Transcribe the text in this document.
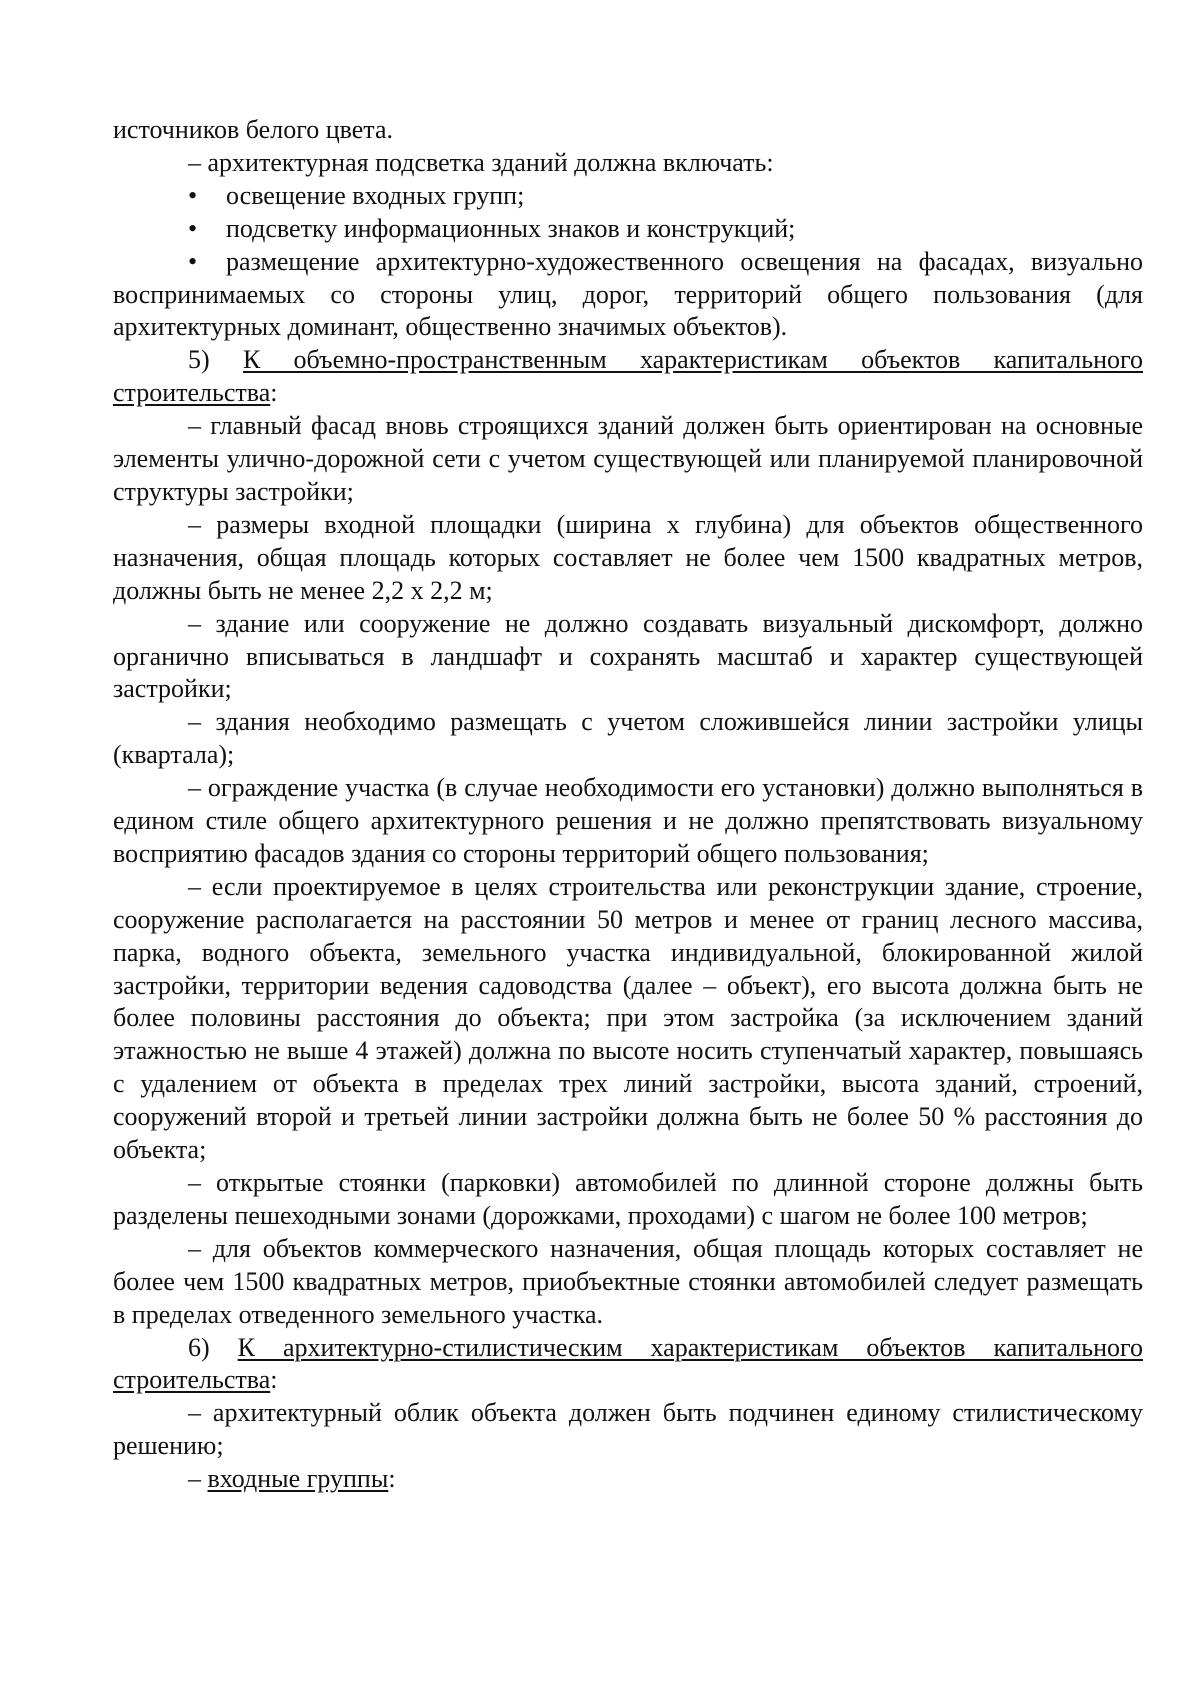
источников белого цвета.

– архитектурная подсветка зданий должна включать:

• освещение входных групп;

• подсветку информационных знаков и конструкций;

• размещение архитектурно-художественного освещения на фасадах, визуально воспринимаемых со стороны улиц, дорог, территорий общего пользования (для архитектурных доминант, общественно значимых объектов).

5) К объемно-пространственным характеристикам объектов капитального строительства:

– главный фасад вновь строящихся зданий должен быть ориентирован на основные элементы улично-дорожной сети с учетом существующей или планируемой планировочной структуры застройки;

– размеры входной площадки (ширина х глубина) для объектов общественного назначения, общая площадь которых составляет не более чем 1500 квадратных метров, должны быть не менее 2,2 х 2,2 м;

– здание или сооружение не должно создавать визуальный дискомфорт, должно органично вписываться в ландшафт и сохранять масштаб и характер существующей застройки;

– здания необходимо размещать с учетом сложившейся линии застройки улицы (квартала);

– ограждение участка (в случае необходимости его установки) должно выполняться в едином стиле общего архитектурного решения и не должно препятствовать визуальному восприятию фасадов здания со стороны территорий общего пользования;

– если проектируемое в целях строительства или реконструкции здание, строение, сооружение располагается на расстоянии 50 метров и менее от границ лесного массива, парка, водного объекта, земельного участка индивидуальной, блокированной жилой застройки, территории ведения садоводства (далее – объект), его высота должна быть не более половины расстояния до объекта; при этом застройка (за исключением зданий этажностью не выше 4 этажей) должна по высоте носить ступенчатый характер, повышаясь с удалением от объекта в пределах трех линий застройки, высота зданий, строений, сооружений второй и третьей линии застройки должна быть не более 50 % расстояния до объекта;

– открытые стоянки (парковки) автомобилей по длинной стороне должны быть разделены пешеходными зонами (дорожками, проходами) с шагом не более 100 метров;

– для объектов коммерческого назначения, общая площадь которых составляет не более чем 1500 квадратных метров, приобъектные стоянки автомобилей следует размещать в пределах отведенного земельного участка.

6) К архитектурно-стилистическим характеристикам объектов капитального строительства:

– архитектурный облик объекта должен быть подчинен единому стилистическому решению;

– входные группы:
